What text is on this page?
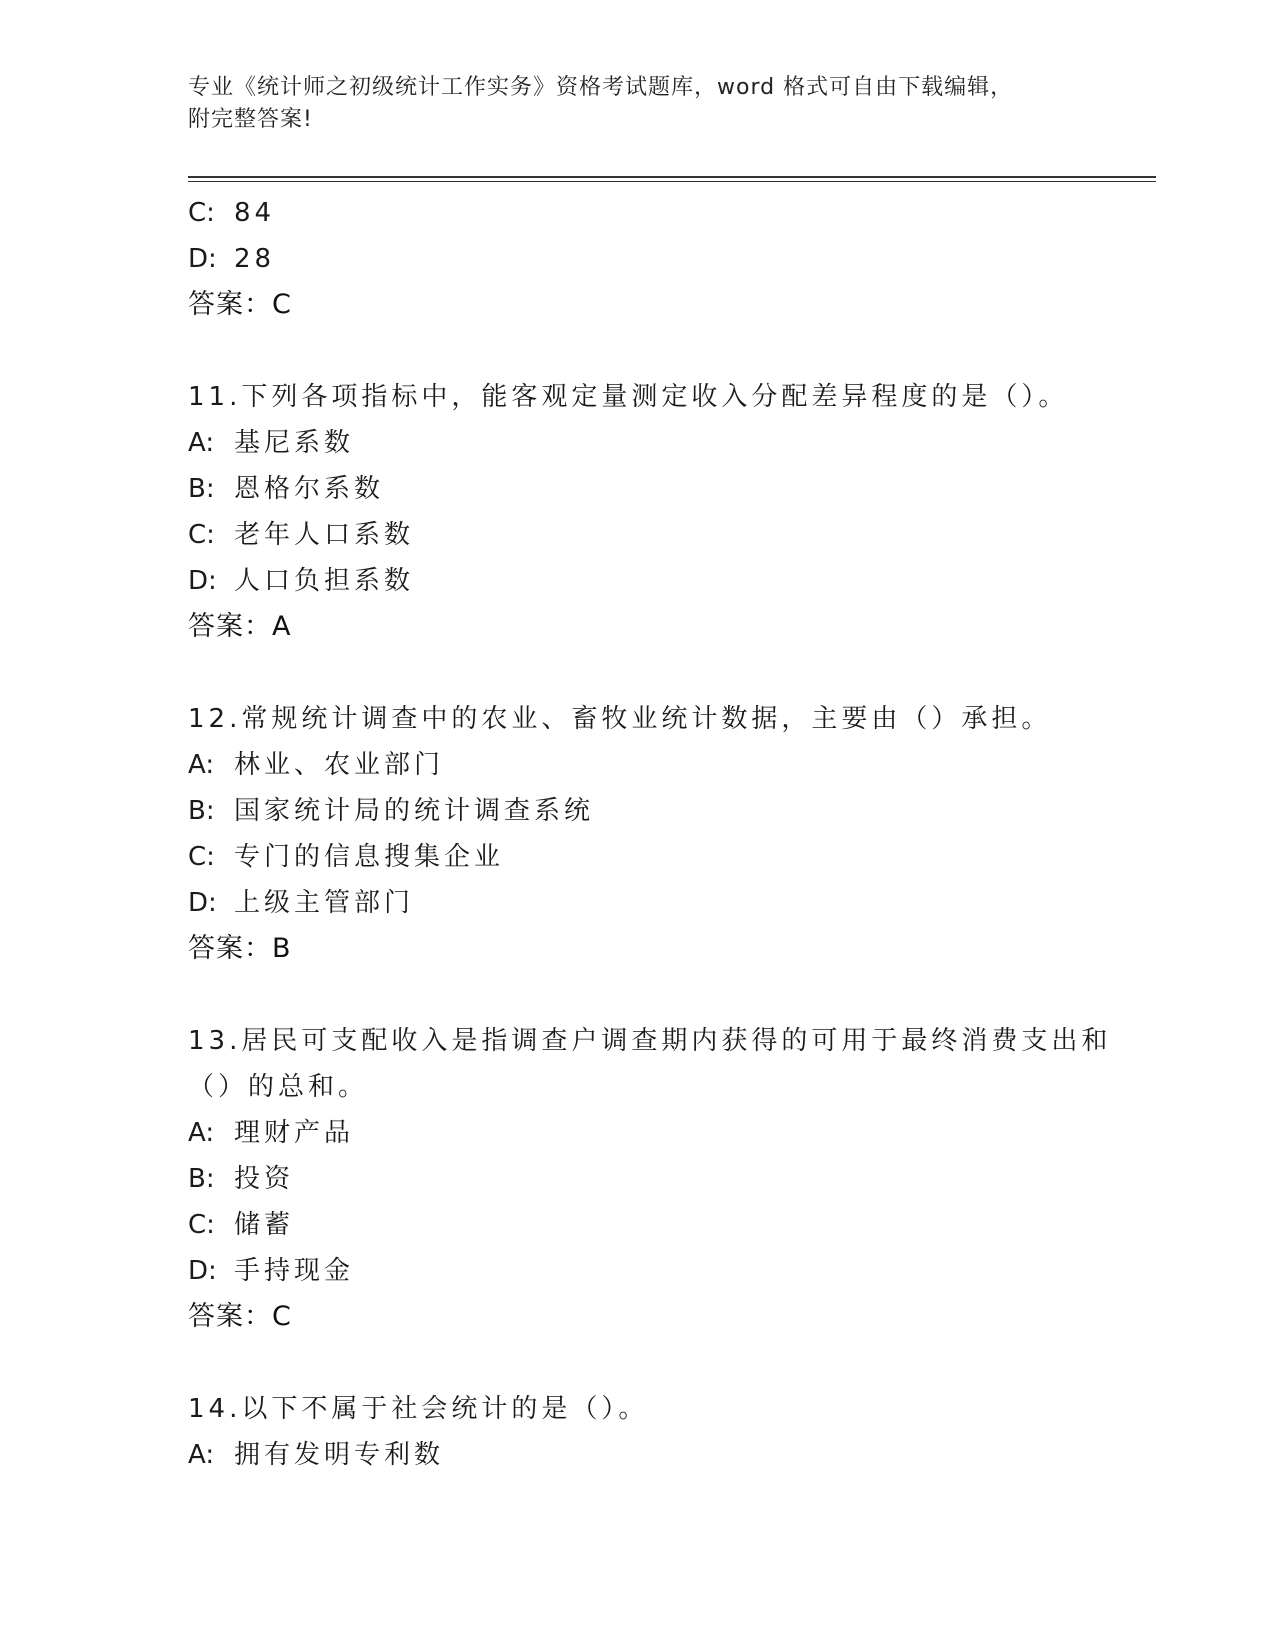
专业《统计师之初级统计工作实务》资格考试题库，word 格式可自由下载编辑，
附完整答案!
C: 84
D: 28
答案：C
11.下列各项指标中，能客观定量测定收入分配差异程度的是（）。
A: 基尼系数
B: 恩格尔系数
C: 老年人口系数
D: 人口负担系数
答案：A
12.常规统计调查中的农业、畜牧业统计数据，主要由（）承担。
A: 林业、农业部门
B: 国家统计局的统计调查系统
C: 专门的信息搜集企业
D: 上级主管部门
答案：B
13.居民可支配收入是指调查户调查期内获得的可用于最终消费支出和
（）的总和。
A: 理财产品
B: 投资
C: 储蓄
D: 手持现金
答案：C
14.以下不属于社会统计的是（）。
A: 拥有发明专利数
